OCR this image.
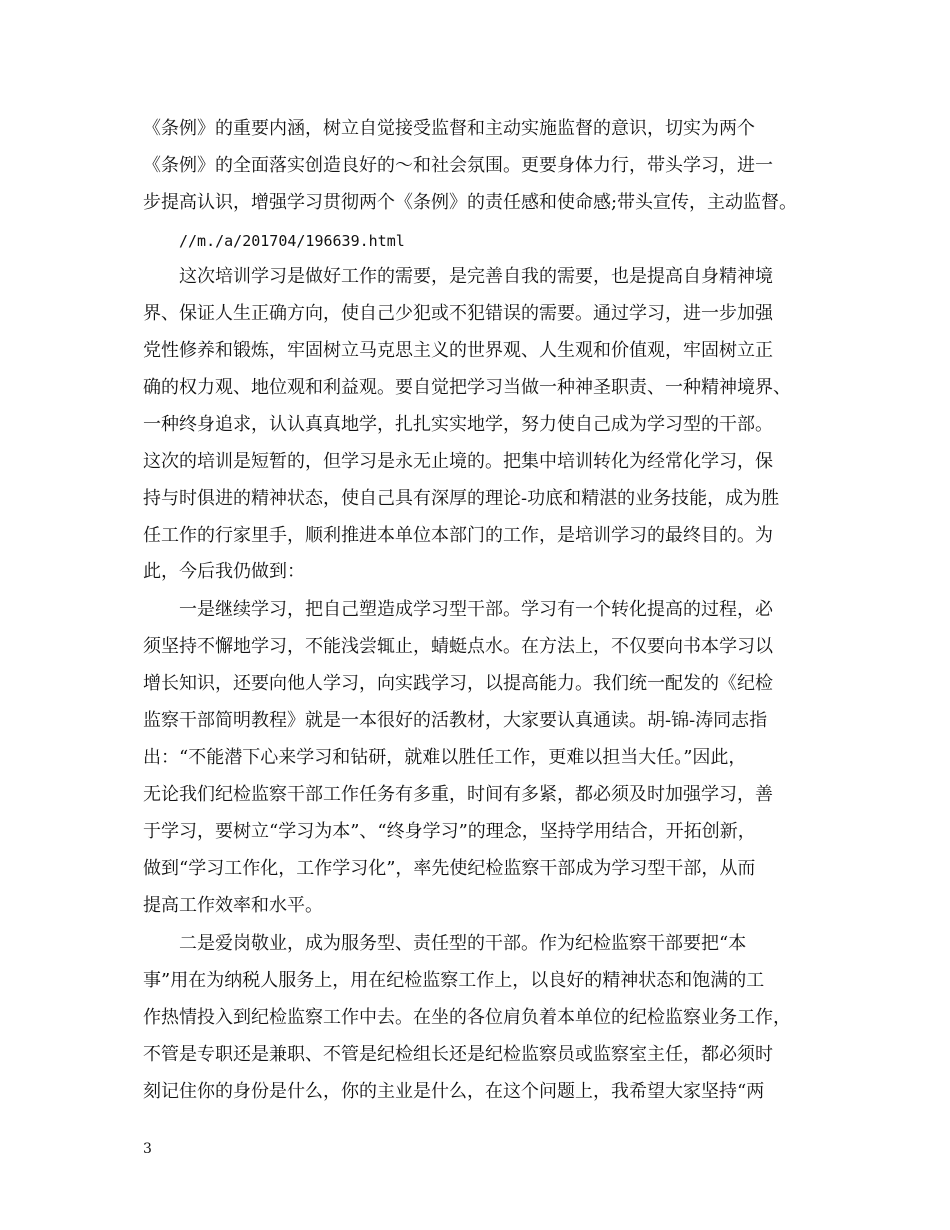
《条例》的重要内涵，树立自觉接受监督和主动实施监督的意识，切实为两个
《条例》的全面落实创造良好的～和社会氛围。更要身体力行，带头学习，进一
步提高认识，增强学习贯彻两个《条例》的责任感和使命感;带头宣传，主动监督。
//m./a/201704/196639.html
这次培训学习是做好工作的需要，是完善自我的需要，也是提高自身精神境
界、保证人生正确方向，使自己少犯或不犯错误的需要。通过学习，进一步加强
党性修养和锻炼，牢固树立马克思主义的世界观、人生观和价值观，牢固树立正
确的权力观、地位观和利益观。要自觉把学习当做一种神圣职责、一种精神境界、
一种终身追求，认认真真地学，扎扎实实地学，努力使自己成为学习型的干部。
这次的培训是短暂的，但学习是永无止境的。把集中培训转化为经常化学习，保
持与时俱进的精神状态，使自己具有深厚的理论-功底和精湛的业务技能，成为胜
任工作的行家里手，顺利推进本单位本部门的工作，是培训学习的最终目的。为
此，今后我仍做到：
一是继续学习，把自己塑造成学习型干部。学习有一个转化提高的过程，必
须坚持不懈地学习，不能浅尝辄止，蜻蜓点水。在方法上，不仅要向书本学习以
增长知识，还要向他人学习，向实践学习，以提高能力。我们统一配发的《纪检
监察干部简明教程》就是一本很好的活教材，大家要认真通读。胡-锦-涛同志指
出：“不能潜下心来学习和钻研，就难以胜任工作，更难以担当大任。”因此，
无论我们纪检监察干部工作任务有多重，时间有多紧，都必须及时加强学习，善
于学习，要树立“学习为本”、“终身学习”的理念，坚持学用结合，开拓创新，
做到“学习工作化，工作学习化”，率先使纪检监察干部成为学习型干部，从而
提高工作效率和水平。
二是爱岗敬业，成为服务型、责任型的干部。作为纪检监察干部要把“本
事”用在为纳税人服务上，用在纪检监察工作上，以良好的精神状态和饱满的工
作热情投入到纪检监察工作中去。在坐的各位肩负着本单位的纪检监察业务工作，
不管是专职还是兼职、不管是纪检组长还是纪检监察员或监察室主任，都必须时
刻记住你的身份是什么，你的主业是什么，在这个问题上，我希望大家坚持“两
3
